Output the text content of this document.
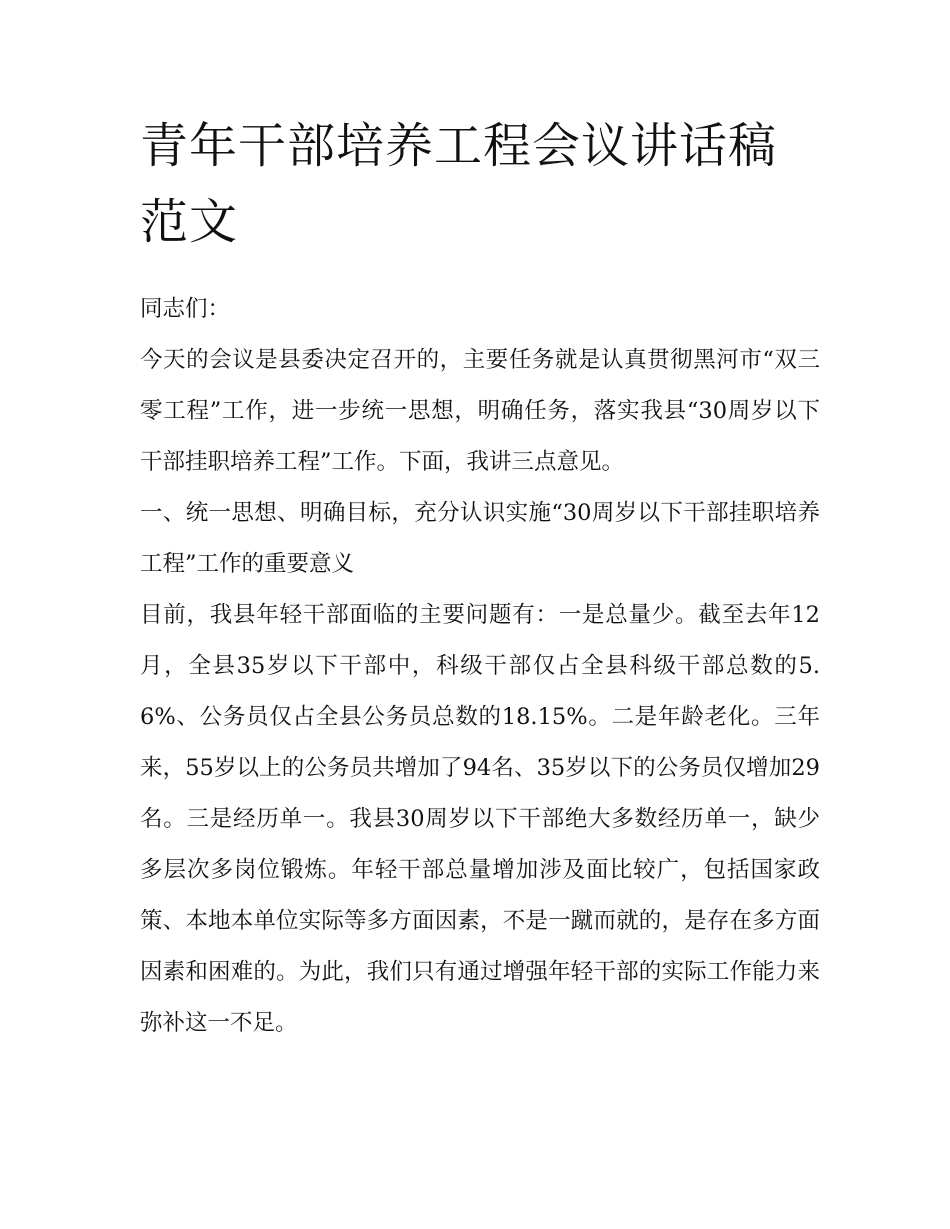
青年干部培养工程会议讲话稿
范文

同志们：

今天的会议是县委决定召开的，主要任务就是认真贯彻黑河市“双三零工程”工作，进一步统一思想，明确任务，落实我县“30周岁以下干部挂职培养工程”工作。下面，我讲三点意见。

一、统一思想、明确目标，充分认识实施“30周岁以下干部挂职培养工程”工作的重要意义

目前，我县年轻干部面临的主要问题有：一是总量少。截至去年12月，全县35岁以下干部中，科级干部仅占全县科级干部总数的5.6%、公务员仅占全县公务员总数的18.15%。二是年龄老化。三年来，55岁以上的公务员共增加了94名、35岁以下的公务员仅增加29名。三是经历单一。我县30周岁以下干部绝大多数经历单一，缺少多层次多岗位锻炼。年轻干部总量增加涉及面比较广，包括国家政策、本地本单位实际等多方面因素，不是一蹴而就的，是存在多方面因素和困难的。为此，我们只有通过增强年轻干部的实际工作能力来弥补这一不足。
